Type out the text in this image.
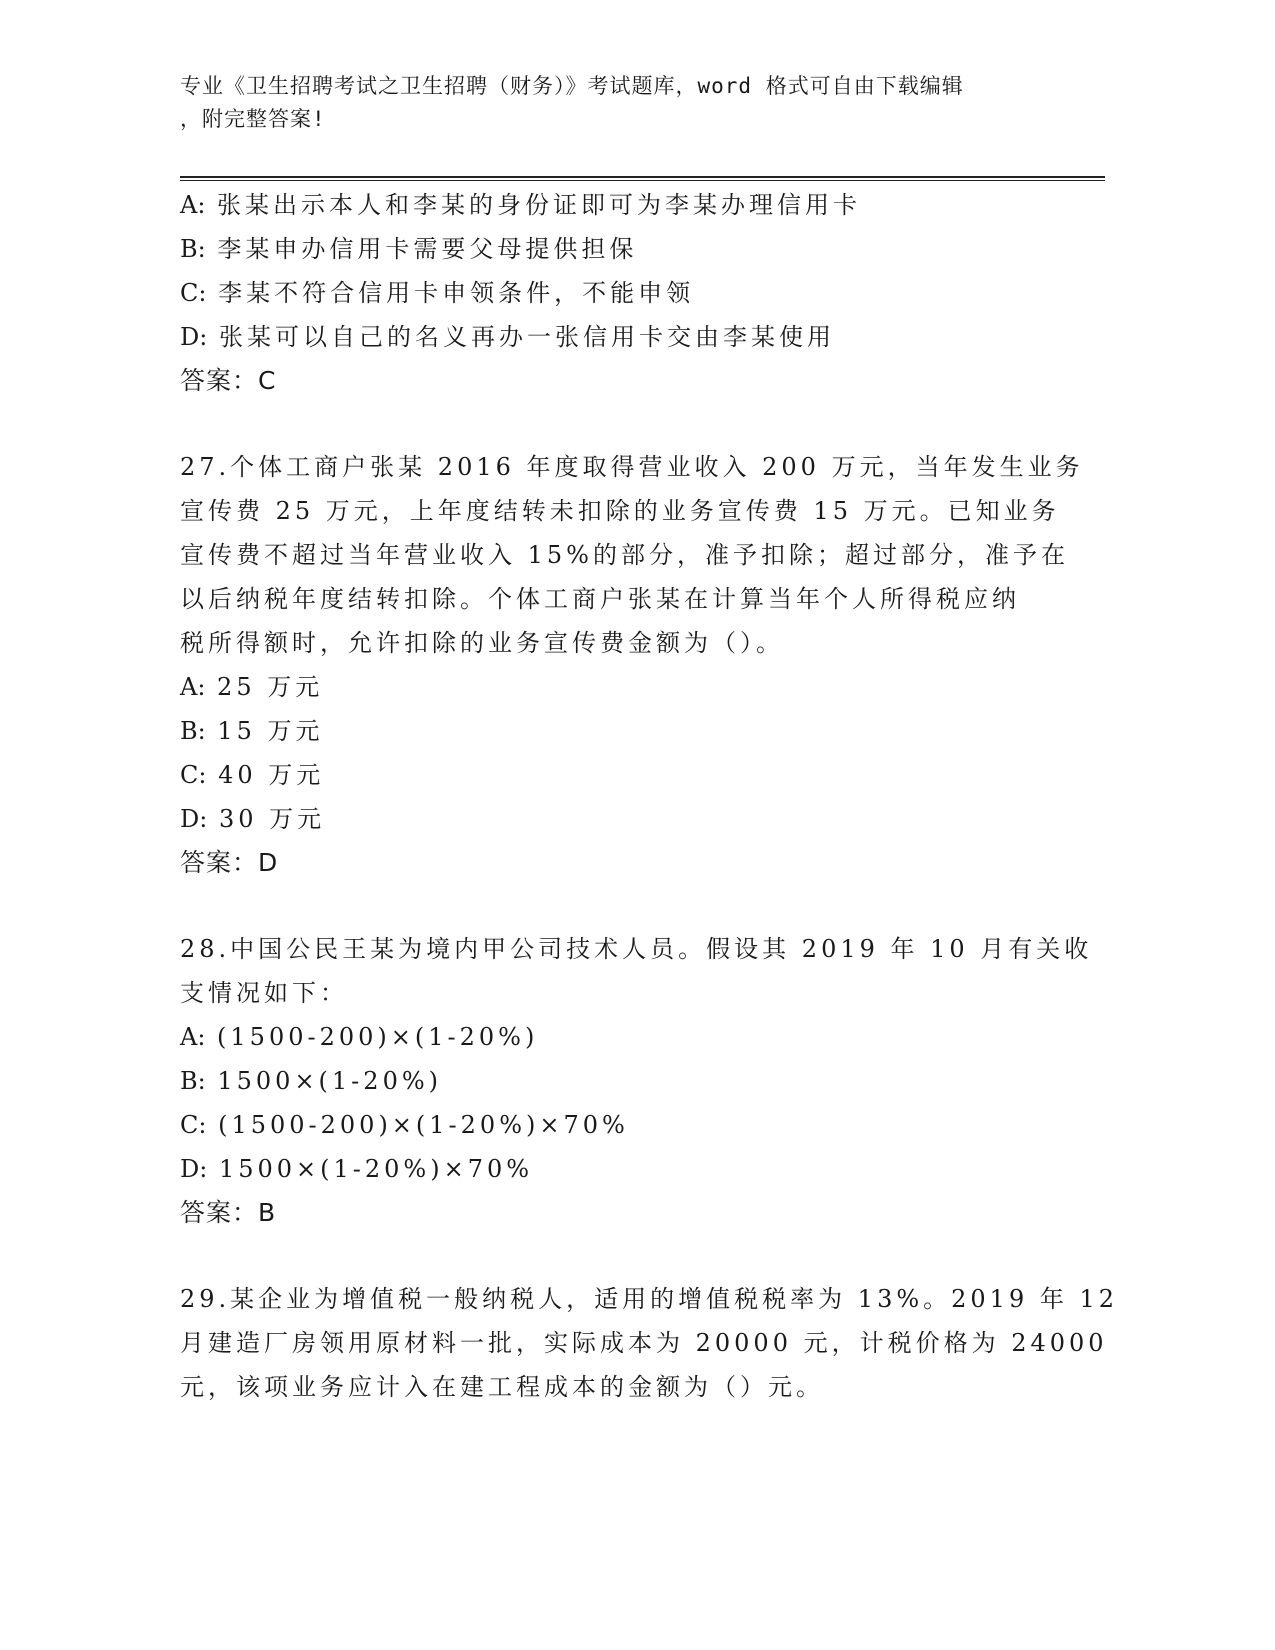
专业《卫生招聘考试之卫生招聘（财务）》考试题库，word 格式可自由下载编辑
，附完整答案!
A: 张某出示本人和李某的身份证即可为李某办理信用卡
B: 李某申办信用卡需要父母提供担保
C: 李某不符合信用卡申领条件，不能申领
D: 张某可以自己的名义再办一张信用卡交由李某使用
答案：C
27.个体工商户张某 2016 年度取得营业收入 200 万元，当年发生业务
宣传费 25 万元，上年度结转未扣除的业务宣传费 15 万元。已知业务
宣传费不超过当年营业收入 15%的部分，准予扣除；超过部分，准予在
以后纳税年度结转扣除。个体工商户张某在计算当年个人所得税应纳
税所得额时，允许扣除的业务宣传费金额为（）。
A: 25 万元
B: 15 万元
C: 40 万元
D: 30 万元
答案：D
28.中国公民王某为境内甲公司技术人员。假设其 2019 年 10 月有关收
支情况如下：
A: (1500-200)×(1-20%)
B: 1500×(1-20%)
C: (1500-200)×(1-20%)×70%
D: 1500×(1-20%)×70%
答案：B
29.某企业为增值税一般纳税人，适用的增值税税率为 13%。2019 年 12
月建造厂房领用原材料一批，实际成本为 20000 元，计税价格为 24000
元，该项业务应计入在建工程成本的金额为（）元。
